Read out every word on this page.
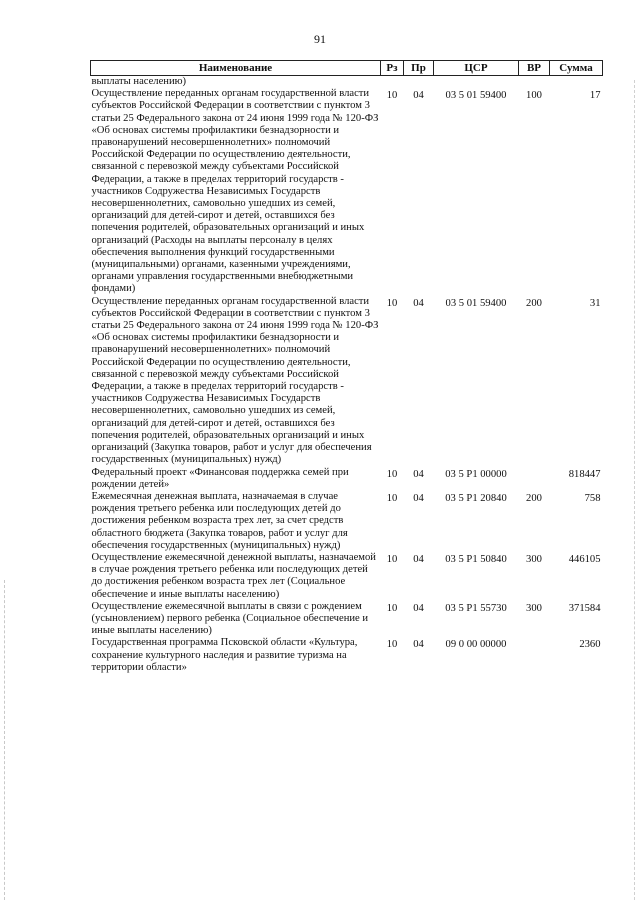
91
Наименование	Рз	Пр	ЦСР	ВР	Сумма
выплаты населению)					
Осуществление переданных органам государственной власти субъектов Российской Федерации в соответствии с пунктом 3 статьи 25 Федерального закона от 24 июня 1999 года № 120-ФЗ «Об основах системы профилактики безнадзорности и правонарушений несовершеннолетних» полномочий Российской Федерации по осуществлению деятельности, связанной с перевозкой между субъектами Российской Федерации, а также в пределах территорий государств - участников Содружества Независимых Государств несовершеннолетних, самовольно ушедших из семей, организаций для детей-сирот и детей, оставшихся без попечения родителей, образовательных организаций и иных организаций (Расходы на выплаты персоналу в целях обеспечения выполнения функций государственными (муниципальными) органами, казенными учреждениями, органами управления государственными внебюджетными фондами)	10	04	03 5 01 59400	100	17
Осуществление переданных органам государственной власти субъектов Российской Федерации в соответствии с пунктом 3 статьи 25 Федерального закона от 24 июня 1999 года № 120-ФЗ «Об основах системы профилактики безнадзорности и правонарушений несовершеннолетних» полномочий Российской Федерации по осуществлению деятельности, связанной с перевозкой между субъектами Российской Федерации, а также в пределах территорий государств - участников Содружества Независимых Государств несовершеннолетних, самовольно ушедших из семей, организаций для детей-сирот и детей, оставшихся без попечения родителей, образовательных организаций и иных организаций (Закупка товаров, работ и услуг для обеспечения государственных (муниципальных) нужд)	10	04	03 5 01 59400	200	31
Федеральный проект «Финансовая поддержка семей при рождении детей»	10	04	03 5 P1 00000		818447
Ежемесячная денежная выплата, назначаемая в случае рождения третьего ребенка или последующих детей до достижения ребенком возраста трех лет, за счет средств областного бюджета (Закупка товаров, работ и услуг для обеспечения государственных (муниципальных) нужд)	10	04	03 5 P1 20840	200	758
Осуществление ежемесячной денежной выплаты, назначаемой в случае рождения третьего ребенка или последующих детей до достижения ребенком возраста трех лет (Социальное обеспечение и иные выплаты населению)	10	04	03 5 P1 50840	300	446105
Осуществление ежемесячной выплаты в связи с рождением (усыновлением) первого ребенка (Социальное обеспечение и иные выплаты населению)	10	04	03 5 P1 55730	300	371584
Государственная программа Псковской области «Культура, сохранение культурного наследия и развитие туризма на территории области»	10	04	09 0 00 00000		2360
